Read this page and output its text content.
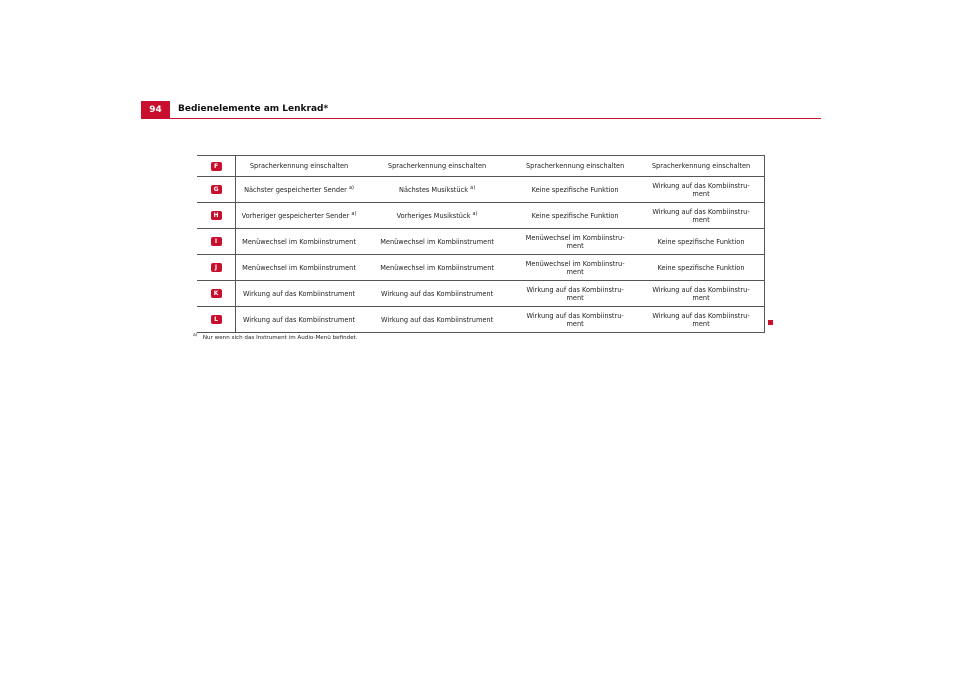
94	Bedienelemente am Lenkrad*
F	Spracherkennung einschalten	Spracherkennung einschalten	Spracherkennung einschalten	Spracherkennung einschalten
G	Nächster gespeicherter Sender $^{a)}$	Nächstes Musikstück $^{a)}$	Keine spezifische Funktion	Wirkung auf das Kombiinstru-
ment
H	Vorheriger gespeicherter Sender $^{a)}$	Vorheriges Musikstück $^{a)}$	Keine spezifische Funktion	Wirkung auf das Kombiinstru-
ment
I	Menüwechsel im Kombiinstrument	Menüwechsel im Kombiinstrument	Menüwechsel im Kombiinstru-
ment	Keine spezifische Funktion
J	Menüwechsel im Kombiinstrument	Menüwechsel im Kombiinstrument	Menüwechsel im Kombiinstru-
ment	Keine spezifische Funktion
K	Wirkung auf das Kombiinstrument	Wirkung auf das Kombiinstrument	Wirkung auf das Kombiinstru-
ment	Wirkung auf das Kombiinstru-
ment
L	Wirkung auf das Kombiinstrument	Wirkung auf das Kombiinstrument	Wirkung auf das Kombiinstru-
ment	Wirkung auf das Kombiinstru-
ment
$^{a)}$ Nur wenn sich das Instrument im Audio-Menü befindet.
